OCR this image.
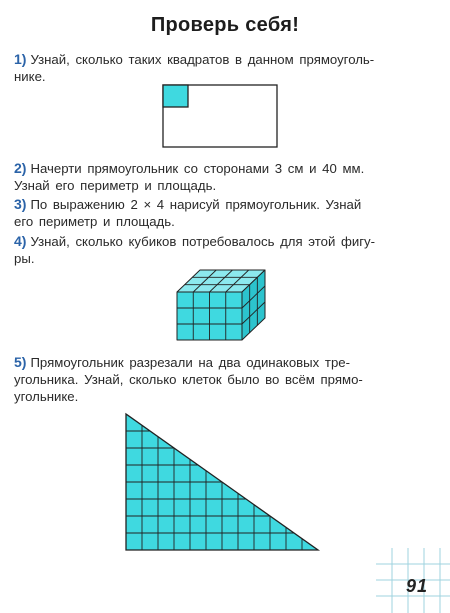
Проверь себя!
1) Узнай, сколько таких квадратов в данном прямоуголь-
нике.
2) Начерти прямоугольник со сторонами 3 см и 40 мм.
Узнай его периметр и площадь.
3) По выражению 2 × 4 нарисуй прямоугольник. Узнай
его периметр и площадь.
4) Узнай, сколько кубиков потребовалось для этой фигу-
ры.
5) Прямоугольник разрезали на два одинаковых тре-
угольника. Узнай, сколько клеток было во всём прямо-
угольнике.
91
